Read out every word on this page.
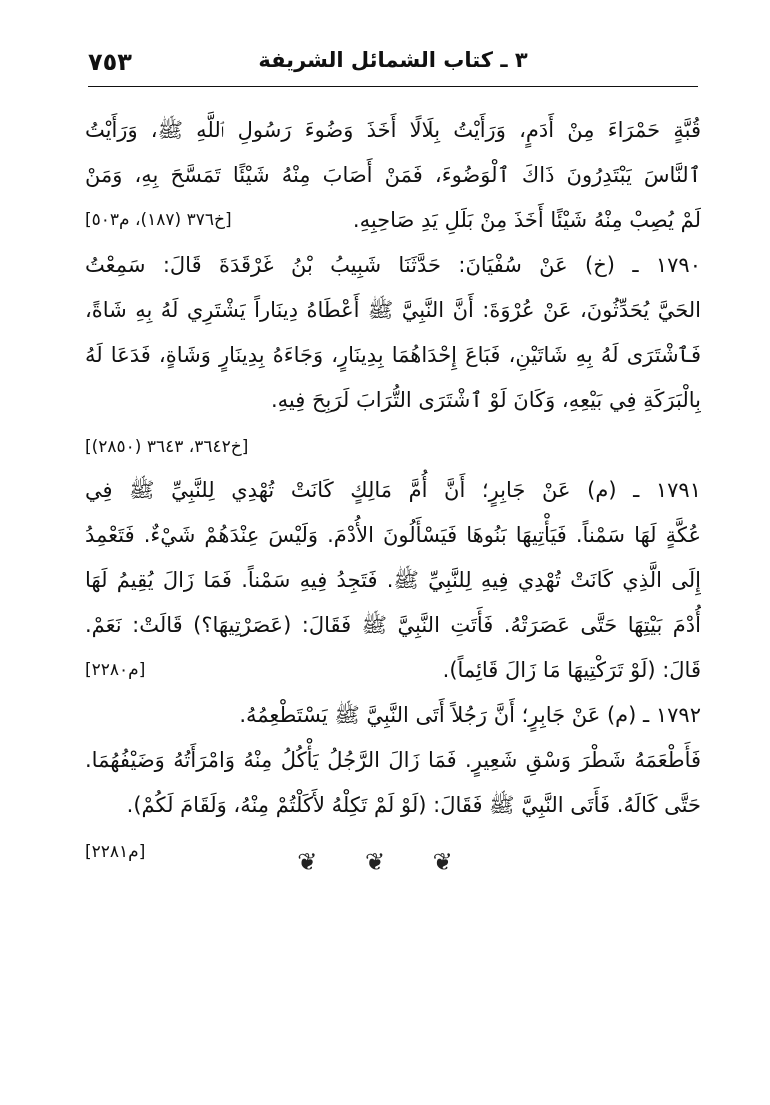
٧٥٣	٣ ـ كتاب الشمائل الشريفة
قُبَّةٍ حَمْرَاءَ مِنْ أَدَمٍ، وَرَأَيْتُ بِلَالًا أَخَذَ وَضُوءَ رَسُولِ ٱللَّهِ ﷺ، وَرَأَيْتُ
ٱلنَّاسَ يَبْتَدِرُونَ ذَاكَ ٱلْوَضُوءَ، فَمَنْ أَصَابَ مِنْهُ شَيْئًا تَمَسَّحَ بِهِ، وَمَنْ
لَمْ يُصِبْ مِنْهُ شَيْئًا أَخَذَ مِنْ بَلَلِ يَدِ صَاحِبِهِ.
[خ٣٧٦ (١٨٧)، م٥٠٣]
١٧٩٠ ـ (خ) عَنْ سُفْيَانَ: حَدَّثَنَا شَبِيبُ بْنُ غَرْقَدَةَ قَالَ: سَمِعْتُ
الحَيَّ يُحَدِّثُونَ، عَنْ عُرْوَةَ: أَنَّ النَّبِيَّ ﷺ أَعْطَاهُ دِينَاراً يَشْتَرِي لَهُ بِهِ شَاةً،
فَٱشْتَرَى لَهُ بِهِ شَاتَيْنِ، فَبَاعَ إِحْدَاهُمَا بِدِينَارٍ، وَجَاءَهُ بِدِينَارٍ وَشَاةٍ، فَدَعَا لَهُ
بِالْبَرَكَةِ فِي بَيْعِهِ، وَكَانَ لَوْ ٱشْتَرَى التُّرَابَ لَرَبِحَ فِيهِ.
[خ٣٦٤٢، ٣٦٤٣ (٢٨٥٠)]
١٧٩١ ـ (م) عَنْ جَابِرٍ؛ أَنَّ أُمَّ مَالِكٍ كَانَتْ تُهْدِي لِلنَّبِيِّ ﷺ فِي
عُكَّةٍ لَهَا سَمْناً. فَيَأْتِيهَا بَنُوهَا فَيَسْأَلُونَ الأُدْمَ. وَلَيْسَ عِنْدَهُمْ شَيْءٌ. فَتَعْمِدُ
إِلَى الَّذِي كَانَتْ تُهْدِي فِيهِ لِلنَّبِيِّ ﷺ. فَتَجِدُ فِيهِ سَمْناً. فَمَا زَالَ يُقِيمُ لَهَا
أُدْمَ بَيْتِهَا حَتَّى عَصَرَتْهُ. فَأَتَتِ النَّبِيَّ ﷺ فَقَالَ: (عَصَرْتِيهَا؟) قَالَتْ: نَعَمْ.
قَالَ: (لَوْ تَرَكْتِيهَا مَا زَالَ قَائِماً).
[م٢٢٨٠]
١٧٩٢ ـ (م) عَنْ جَابِرٍ؛ أَنَّ رَجُلاً أَتَى النَّبِيَّ ﷺ يَسْتَطْعِمُهُ.
فَأَطْعَمَهُ شَطْرَ وَسْقِ شَعِيرٍ. فَمَا زَالَ الرَّجُلُ يَأْكُلُ مِنْهُ وَامْرَأَتُهُ وَضَيْفُهُمَا.
حَتَّى كَالَهُ. فَأَتَى النَّبِيَّ ﷺ فَقَالَ: (لَوْ لَمْ تَكِلْهُ لأَكَلْتُمْ مِنْهُ، وَلَقَامَ لَكُمْ).
[م٢٢٨١]	❦ ❦ ❦
